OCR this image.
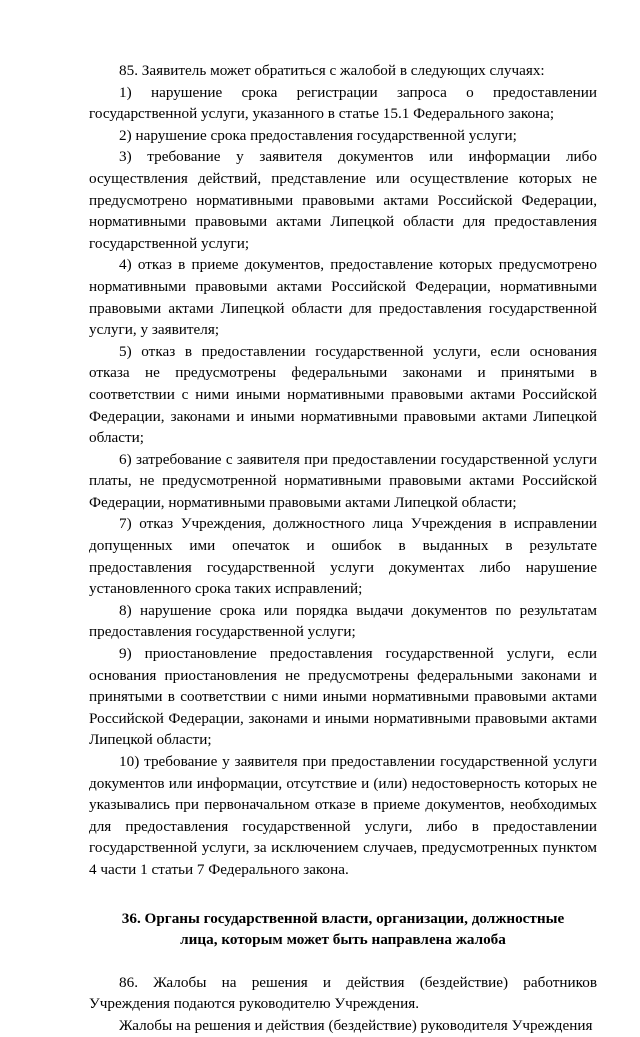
85. Заявитель может обратиться с жалобой в следующих случаях:

1) нарушение срока регистрации запроса о предоставлении государственной услуги, указанного в статье 15.1 Федерального закона;

2) нарушение срока предоставления государственной услуги;

3) требование у заявителя документов или информации либо осуществления действий, представление или осуществление которых не предусмотрено нормативными правовыми актами Российской Федерации, нормативными правовыми актами Липецкой области для предоставления государственной услуги;

4) отказ в приеме документов, предоставление которых предусмотрено нормативными правовыми актами Российской Федерации, нормативными правовыми актами Липецкой области для предоставления государственной услуги, у заявителя;

5) отказ в предоставлении государственной услуги, если основания отказа не предусмотрены федеральными законами и принятыми в соответствии с ними иными нормативными правовыми актами Российской Федерации, законами и иными нормативными правовыми актами Липецкой области;

6) затребование с заявителя при предоставлении государственной услуги платы, не предусмотренной нормативными правовыми актами Российской Федерации, нормативными правовыми актами Липецкой области;

7) отказ Учреждения, должностного лица Учреждения в исправлении допущенных ими опечаток и ошибок в выданных в результате предоставления государственной услуги документах либо нарушение установленного срока таких исправлений;

8) нарушение срока или порядка выдачи документов по результатам предоставления государственной услуги;

9) приостановление предоставления государственной услуги, если основания приостановления не предусмотрены федеральными законами и принятыми в соответствии с ними иными нормативными правовыми актами Российской Федерации, законами и иными нормативными правовыми актами Липецкой области;

10) требование у заявителя при предоставлении государственной услуги документов или информации, отсутствие и (или) недостоверность которых не указывались при первоначальном отказе в приеме документов, необходимых для предоставления государственной услуги, либо в предоставлении государственной услуги, за исключением случаев, предусмотренных пунктом 4 части 1 статьи 7 Федерального закона.

36. Органы государственной власти, организации, должностные лица, которым может быть направлена жалоба

86. Жалобы на решения и действия (бездействие) работников Учреждения подаются руководителю Учреждения.

Жалобы на решения и действия (бездействие) руководителя Учреждения
